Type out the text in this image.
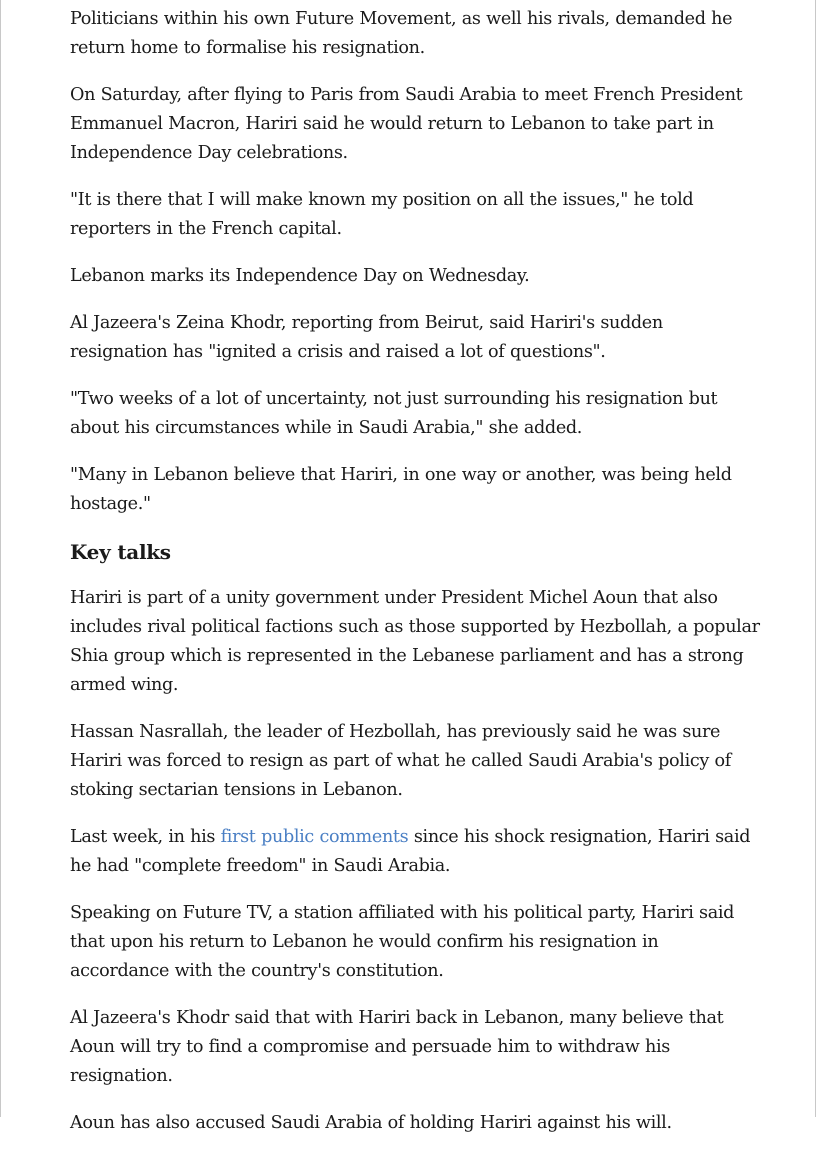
Politicians within his own Future Movement, as well his rivals, demanded he return home to formalise his resignation.

On Saturday, after flying to Paris from Saudi Arabia to meet French President Emmanuel Macron, Hariri said he would return to Lebanon to take part in Independence Day celebrations.

"It is there that I will make known my position on all the issues," he told reporters in the French capital.

Lebanon marks its Independence Day on Wednesday.

Al Jazeera's Zeina Khodr, reporting from Beirut, said Hariri's sudden resignation has "ignited a crisis and raised a lot of questions".

"Two weeks of a lot of uncertainty, not just surrounding his resignation but about his circumstances while in Saudi Arabia," she added.

"Many in Lebanon believe that Hariri, in one way or another, was being held hostage."

Key talks

Hariri is part of a unity government under President Michel Aoun that also includes rival political factions such as those supported by Hezbollah, a popular Shia group which is represented in the Lebanese parliament and has a strong armed wing.

Hassan Nasrallah, the leader of Hezbollah, has previously said he was sure Hariri was forced to resign as part of what he called Saudi Arabia's policy of stoking sectarian tensions in Lebanon.

Last week, in his first public comments since his shock resignation, Hariri said he had "complete freedom" in Saudi Arabia.

Speaking on Future TV, a station affiliated with his political party, Hariri said that upon his return to Lebanon he would confirm his resignation in accordance with the country's constitution.

Al Jazeera's Khodr said that with Hariri back in Lebanon, many believe that Aoun will try to find a compromise and persuade him to withdraw his resignation.

Aoun has also accused Saudi Arabia of holding Hariri against his will.
